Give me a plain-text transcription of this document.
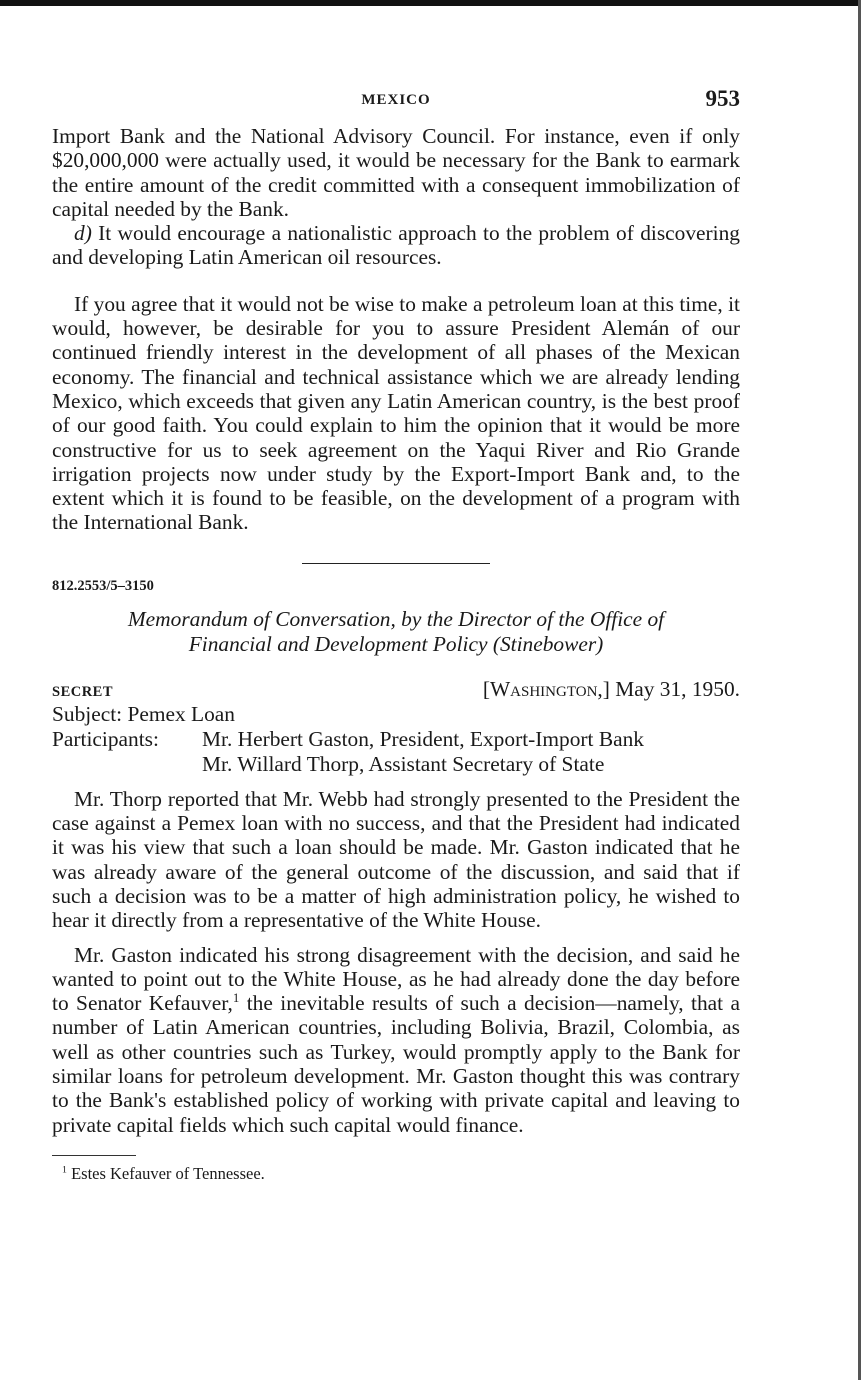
MEXICO	953

Import Bank and the National Advisory Council. For instance, even if only $20,000,000 were actually used, it would be necessary for the Bank to earmark the entire amount of the credit committed with a consequent immobilization of capital needed by the Bank.

d) It would encourage a nationalistic approach to the problem of discovering and developing Latin American oil resources.

If you agree that it would not be wise to make a petroleum loan at this time, it would, however, be desirable for you to assure President Alemán of our continued friendly interest in the development of all phases of the Mexican economy. The financial and technical assistance which we are already lending Mexico, which exceeds that given any Latin American country, is the best proof of our good faith. You could explain to him the opinion that it would be more constructive for us to seek agreement on the Yaqui River and Rio Grande irrigation projects now under study by the Export-Import Bank and, to the extent which it is found to be feasible, on the development of a program with the International Bank.

812.2553/5–3150
Memorandum of Conversation, by the Director of the Office of
Financial and Development Policy (Stinebower)
SECRET	[Washington,] May 31, 1950.
Subject: Pemex Loan
Participants:	Mr. Herbert Gaston, President, Export-Import Bank
Mr. Willard Thorp, Assistant Secretary of State

Mr. Thorp reported that Mr. Webb had strongly presented to the President the case against a Pemex loan with no success, and that the President had indicated it was his view that such a loan should be made. Mr. Gaston indicated that he was already aware of the general outcome of the discussion, and said that if such a decision was to be a matter of high administration policy, he wished to hear it directly from a representative of the White House.

Mr. Gaston indicated his strong disagreement with the decision, and said he wanted to point out to the White House, as he had already done the day before to Senator Kefauver,$^1$ the inevitable results of such a decision—namely, that a number of Latin American countries, including Bolivia, Brazil, Colombia, as well as other countries such as Turkey, would promptly apply to the Bank for similar loans for petroleum development. Mr. Gaston thought this was contrary to the Bank's established policy of working with private capital and leaving to private capital fields which such capital would finance.

$^1$ Estes Kefauver of Tennessee.
